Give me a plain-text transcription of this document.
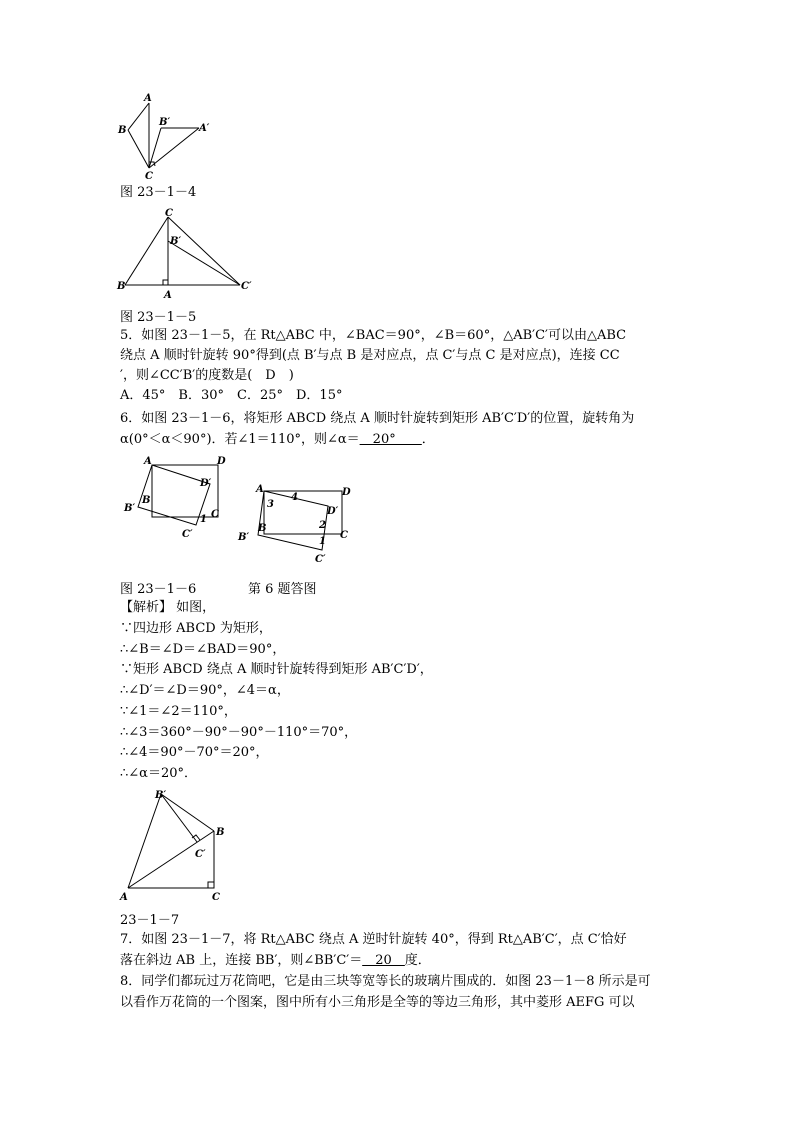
A
B
B′
A′
C
图 23－1－4
C
B′
B
A
C′
图 23－1－5
5．如图 23－1－5，在 Rt△ABC 中，∠BAC＝90°，∠B＝60°，△AB′C′可以由△ABC
绕点 A 顺时针旋转 90°得到(点 B′与点 B 是对应点，点 C′与点 C 是对应点)，连接 CC
′，则∠CC′B′的度数是(　D　)
A．45°　B．30°　C．25°　D．15°
6．如图 23－1－6，将矩形 ABCD 绕点 A 顺时针旋转到矩形 AB′C′D′的位置，旋转角为
α(0°＜α＜90°)．若∠1＝110°，则∠α＝＿20°＿＿．
A	D
D′
B
B′
C
1
C′
A	D
3
4
D′
2
B
C
B′	1
C′
图 23－1－6	第 6 题答图
【解析】 如图，
∵四边形 ABCD 为矩形，
∴∠B＝∠D＝∠BAD＝90°，
∵矩形 ABCD 绕点 A 顺时针旋转得到矩形 AB′C′D′，
∴∠D′＝∠D＝90°，∠4＝α，
∵∠1＝∠2＝110°，
∴∠3＝360°－90°－90°－110°＝70°，
∴∠4＝90°－70°＝20°，
∴∠α＝20°．
B′
B
C′
A	C
23－1－7
7．如图 23－1－7，将 Rt△ABC 绕点 A 逆时针旋转 40°，得到 Rt△AB′C′，点 C′恰好
落在斜边 AB 上，连接 BB′，则∠BB′C′＝＿20＿度．
8．同学们都玩过万花筒吧，它是由三块等宽等长的玻璃片围成的．如图 23－1－8 所示是可
以看作万花筒的一个图案，图中所有小三角形是全等的等边三角形，其中菱形 AEFG 可以
